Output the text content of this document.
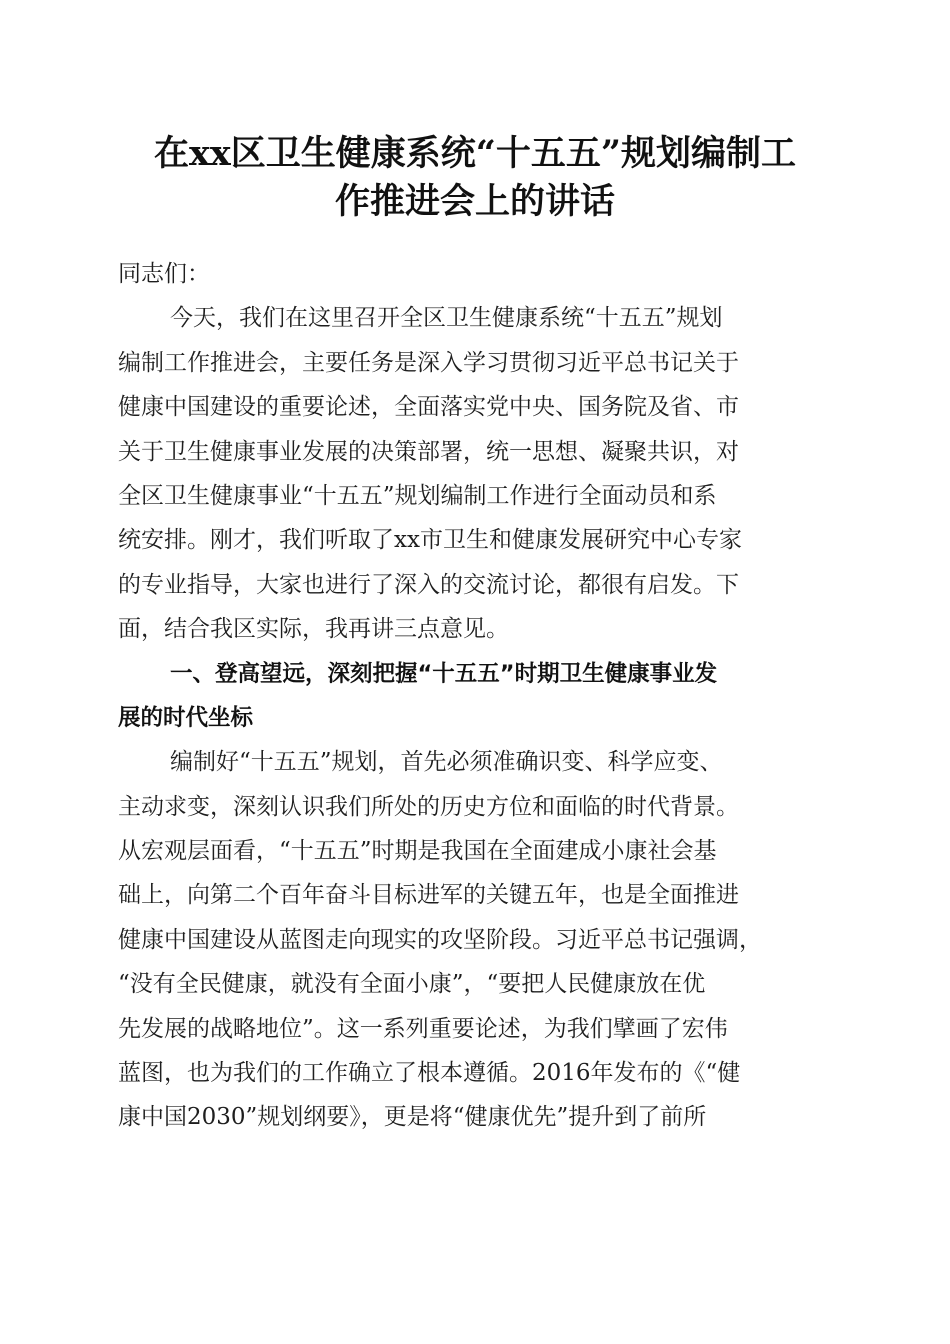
在xx区卫生健康系统“十五五”规划编制工
作推进会上的讲话
同志们：
今天，我们在这里召开全区卫生健康系统“十五五”规划
编制工作推进会，主要任务是深入学习贯彻习近平总书记关于
健康中国建设的重要论述，全面落实党中央、国务院及省、市
关于卫生健康事业发展的决策部署，统一思想、凝聚共识，对
全区卫生健康事业“十五五”规划编制工作进行全面动员和系
统安排。刚才，我们听取了xx市卫生和健康发展研究中心专家
的专业指导，大家也进行了深入的交流讨论，都很有启发。下
面，结合我区实际，我再讲三点意见。
一、登高望远，深刻把握“十五五”时期卫生健康事业发
展的时代坐标
编制好“十五五”规划，首先必须准确识变、科学应变、
主动求变，深刻认识我们所处的历史方位和面临的时代背景。
从宏观层面看，“十五五”时期是我国在全面建成小康社会基
础上，向第二个百年奋斗目标进军的关键五年，也是全面推进
健康中国建设从蓝图走向现实的攻坚阶段。习近平总书记强调，
“没有全民健康，就没有全面小康”，“要把人民健康放在优
先发展的战略地位”。这一系列重要论述，为我们擘画了宏伟
蓝图，也为我们的工作确立了根本遵循。2016年发布的《“健
康中国2030”规划纲要》，更是将“健康优先”提升到了前所
